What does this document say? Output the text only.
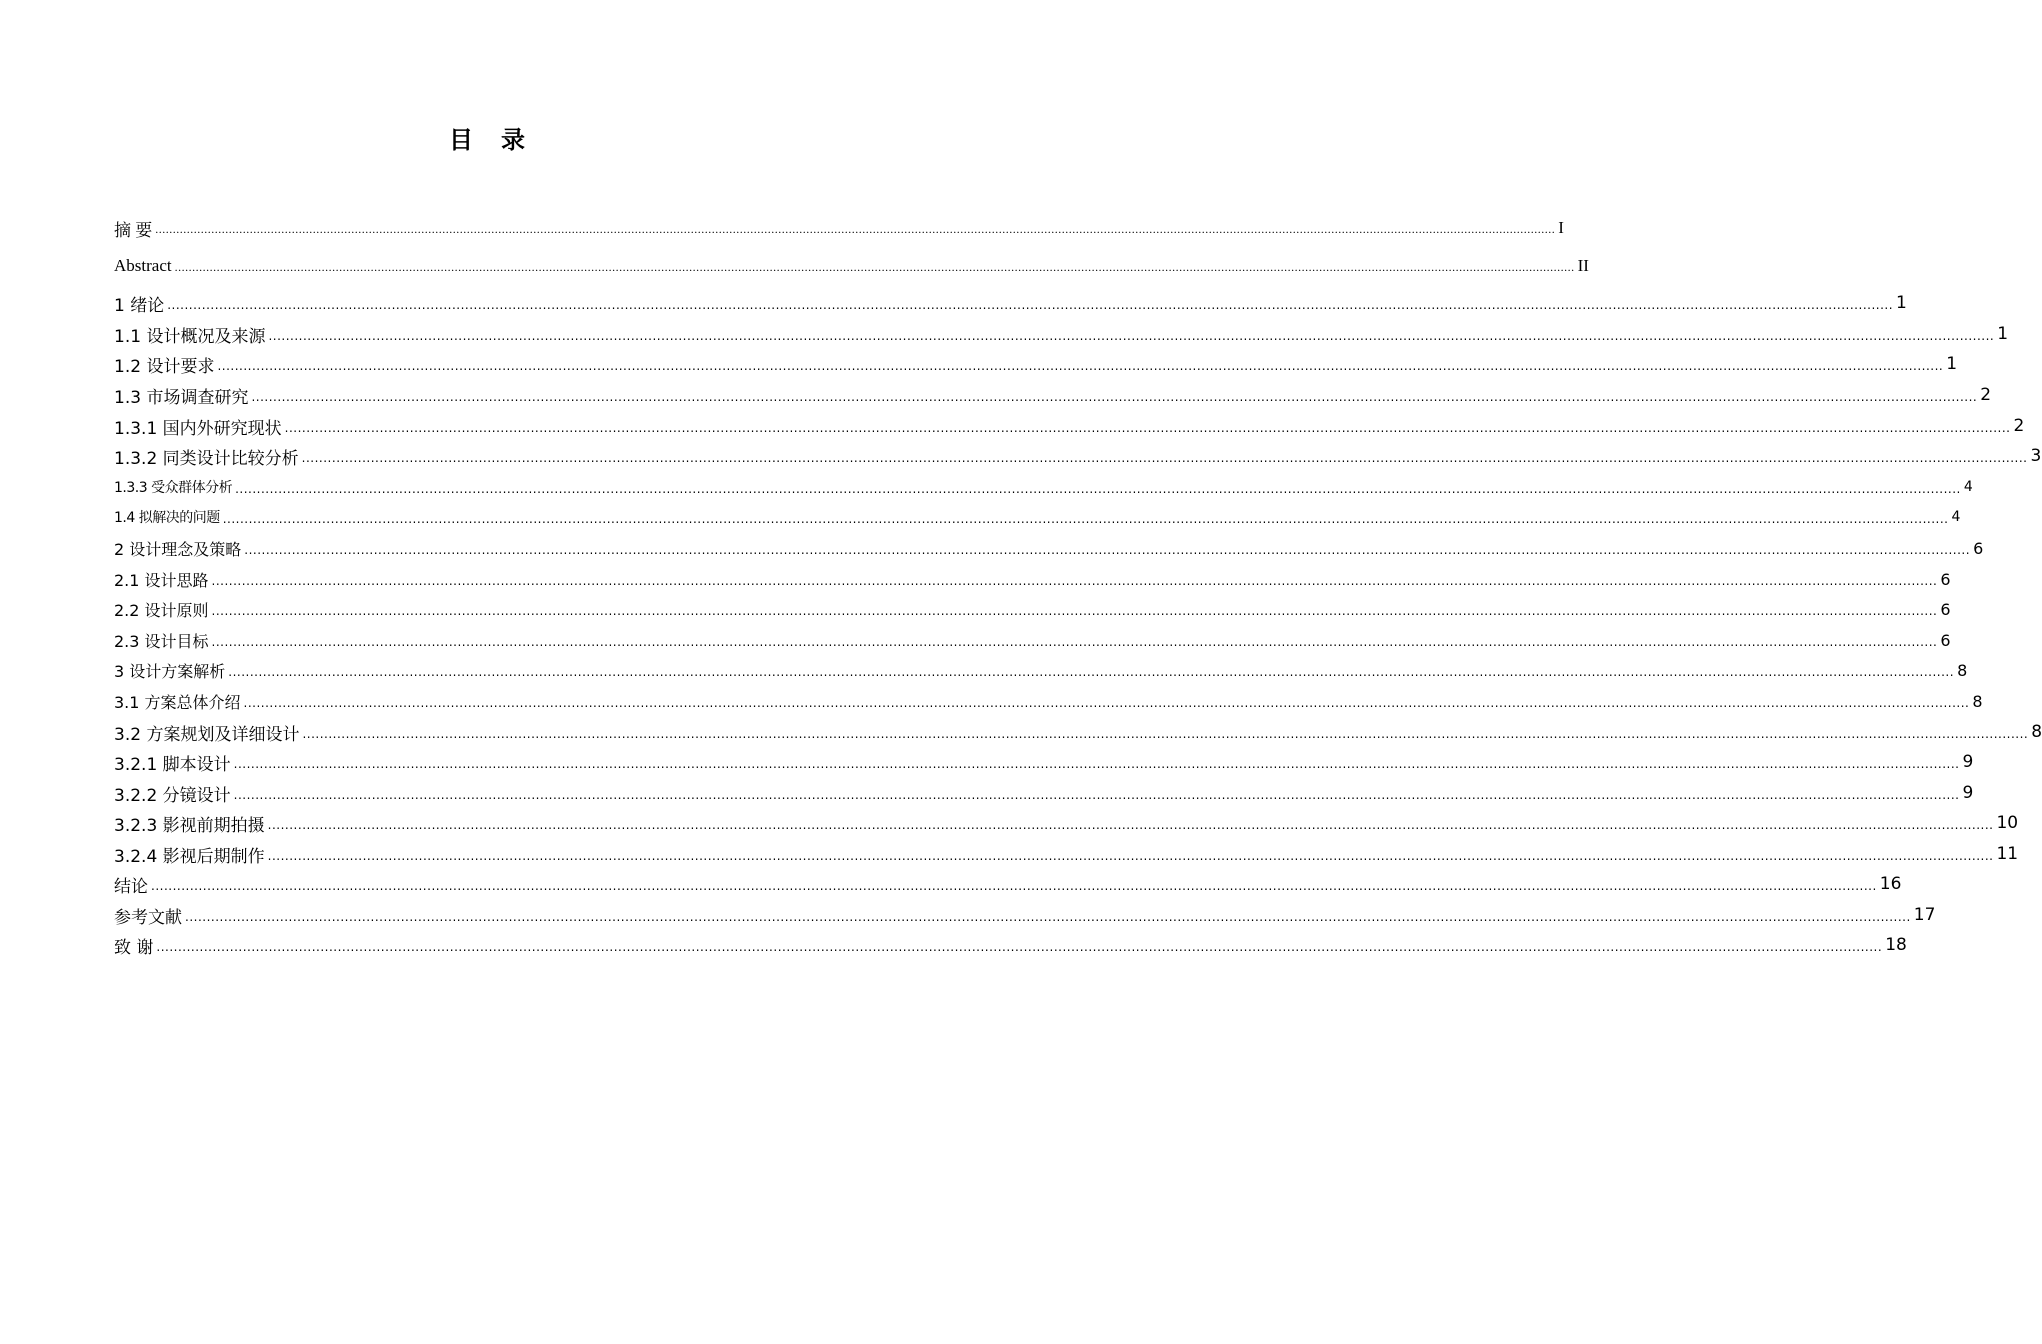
目　录
摘 要 ................................................................................................................................................................................................................................................................................................................................................................................................................ I
Abstract ................................................................................................................................................................................................................................................................................................................................................................................................................ II
1 绪论 ................................................................................................................................................................................................................................................................................................................................................................................................................ 1
1.1 设计概况及来源 ................................................................................................................................................................................................................................................................................................................................................................................................................ 1
1.2 设计要求 ................................................................................................................................................................................................................................................................................................................................................................................................................ 1
1.3 市场调查研究 ................................................................................................................................................................................................................................................................................................................................................................................................................ 2
1.3.1 国内外研究现状 ................................................................................................................................................................................................................................................................................................................................................................................................................ 2
1.3.2 同类设计比较分析 ................................................................................................................................................................................................................................................................................................................................................................................................................ 3
1.3.3 受众群体分析 ................................................................................................................................................................................................................................................................................................................................................................................................................ 4
1.4 拟解决的问题 ................................................................................................................................................................................................................................................................................................................................................................................................................ 4
2 设计理念及策略 ................................................................................................................................................................................................................................................................................................................................................................................................................ 6
2.1 设计思路 ................................................................................................................................................................................................................................................................................................................................................................................................................ 6
2.2 设计原则 ................................................................................................................................................................................................................................................................................................................................................................................................................ 6
2.3 设计目标 ................................................................................................................................................................................................................................................................................................................................................................................................................ 6
3 设计方案解析 ................................................................................................................................................................................................................................................................................................................................................................................................................ 8
3.1 方案总体介绍 ................................................................................................................................................................................................................................................................................................................................................................................................................ 8
3.2 方案规划及详细设计 ................................................................................................................................................................................................................................................................................................................................................................................................................ 8
3.2.1 脚本设计 ................................................................................................................................................................................................................................................................................................................................................................................................................ 9
3.2.2 分镜设计 ................................................................................................................................................................................................................................................................................................................................................................................................................ 9
3.2.3 影视前期拍摄 ................................................................................................................................................................................................................................................................................................................................................................................................................ 10
3.2.4 影视后期制作 ................................................................................................................................................................................................................................................................................................................................................................................................................ 11
结论 ................................................................................................................................................................................................................................................................................................................................................................................................................ 16
参考文献 ................................................................................................................................................................................................................................................................................................................................................................................................................ 17
致 谢 ................................................................................................................................................................................................................................................................................................................................................................................................................ 18
